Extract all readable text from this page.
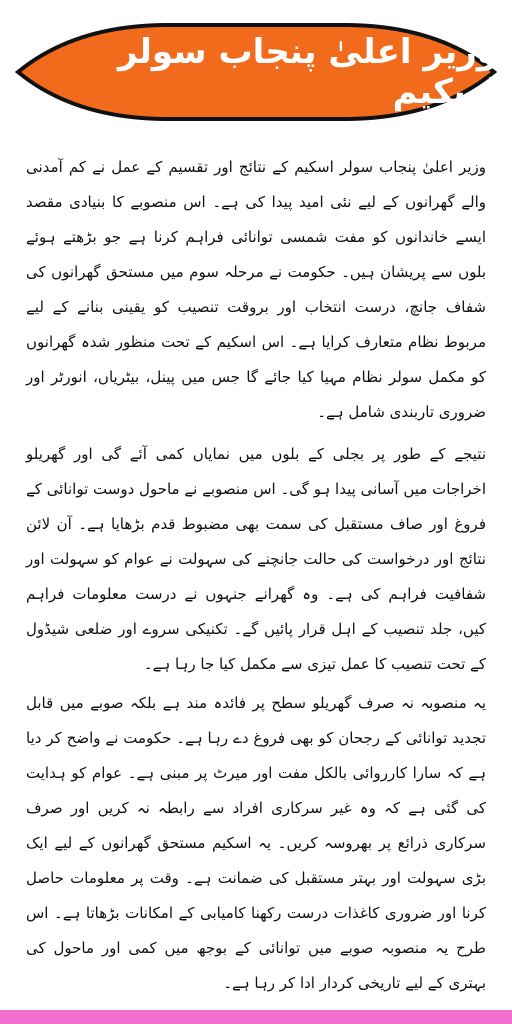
وزیر اعلیٰ پنجاب سولر اسکیم

وزیر اعلیٰ پنجاب سولر اسکیم کے نتائج اور تقسیم کے عمل نے کم آمدنی والے گھرانوں کے لیے نئی امید پیدا کی ہے۔ اس منصوبے کا بنیادی مقصد ایسے خاندانوں کو مفت شمسی توانائی فراہم کرنا ہے جو بڑھتے ہوئے بلوں سے پریشان ہیں۔ حکومت نے مرحلہ سوم میں مستحق گھرانوں کی شفاف جانچ، درست انتخاب اور بروقت تنصیب کو یقینی بنانے کے لیے مربوط نظام متعارف کرایا ہے۔ اس اسکیم کے تحت منظور شدہ گھرانوں کو مکمل سولر نظام مہیا کیا جائے گا جس میں پینل، بیٹریاں، انورٹر اور ضروری تاربندی شامل ہے۔

نتیجے کے طور پر بجلی کے بلوں میں نمایاں کمی آئے گی اور گھریلو اخراجات میں آسانی پیدا ہو گی۔ اس منصوبے نے ماحول دوست توانائی کے فروغ اور صاف مستقبل کی سمت بھی مضبوط قدم بڑھایا ہے۔ آن لائن نتائج اور درخواست کی حالت جانچنے کی سہولت نے عوام کو سہولت اور شفافیت فراہم کی ہے۔ وہ گھرانے جنہوں نے درست معلومات فراہم کیں، جلد تنصیب کے اہل قرار پائیں گے۔ تکنیکی سروے اور ضلعی شیڈول کے تحت تنصیب کا عمل تیزی سے مکمل کیا جا رہا ہے۔

یہ منصوبہ نہ صرف گھریلو سطح پر فائدہ مند ہے بلکہ صوبے میں قابل تجدید توانائی کے رجحان کو بھی فروغ دے رہا ہے۔ حکومت نے واضح کر دیا ہے کہ سارا کارروائی بالکل مفت اور میرٹ پر مبنی ہے۔ عوام کو ہدایت کی گئی ہے کہ وہ غیر سرکاری افراد سے رابطہ نہ کریں اور صرف سرکاری ذرائع پر بھروسہ کریں۔ یہ اسکیم مستحق گھرانوں کے لیے ایک بڑی سہولت اور بہتر مستقبل کی ضمانت ہے۔ وقت پر معلومات حاصل کرنا اور ضروری کاغذات درست رکھنا کامیابی کے امکانات بڑھاتا ہے۔ اس طرح یہ منصوبہ صوبے میں توانائی کے بوجھ میں کمی اور ماحول کی بہتری کے لیے تاریخی کردار ادا کر رہا ہے۔
